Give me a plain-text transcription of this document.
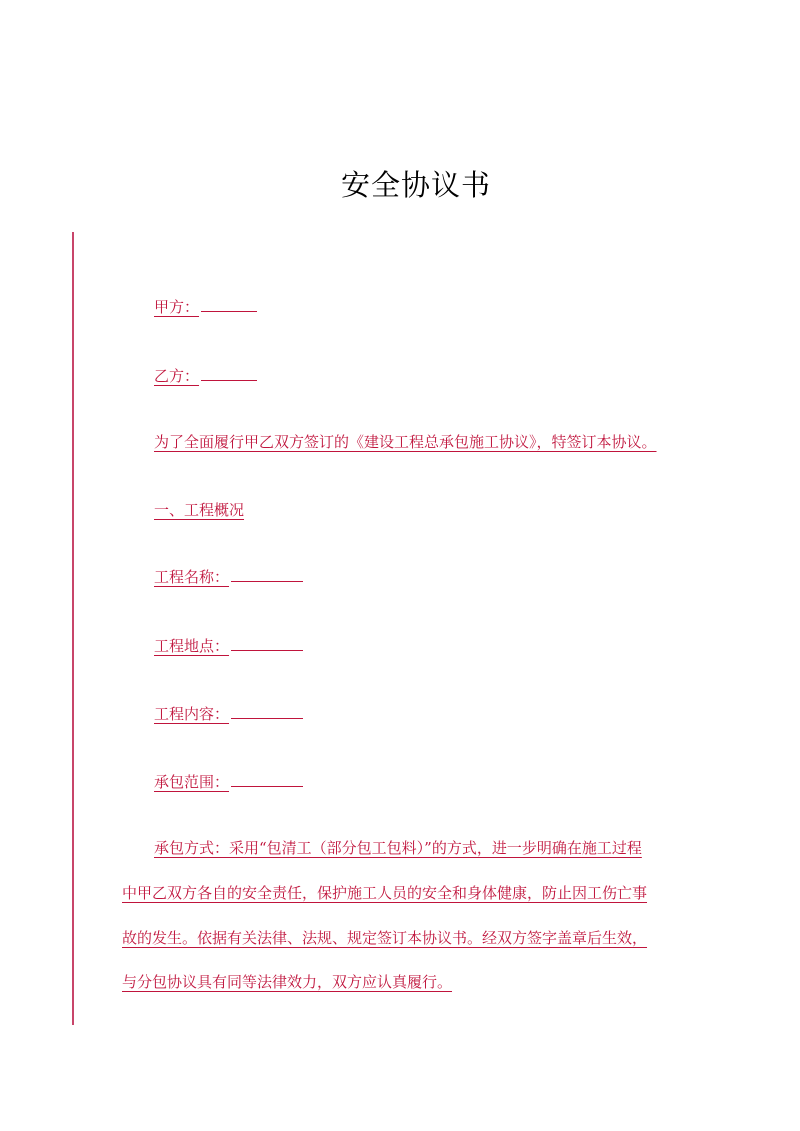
安全协议书
甲方：
乙方：
为了全面履行甲乙双方签订的《建设工程总承包施工协议》，特签订本协议。
一、工程概况
工程名称：
工程地点：
工程内容：
承包范围：
承包方式：采用“包清工（部分包工包料）”的方式，进一步明确在施工过程
中甲乙双方各自的安全责任，保护施工人员的安全和身体健康，防止因工伤亡事
故的发生。依据有关法律、法规、规定签订本协议书。经双方签字盖章后生效，
与分包协议具有同等法律效力，双方应认真履行。
